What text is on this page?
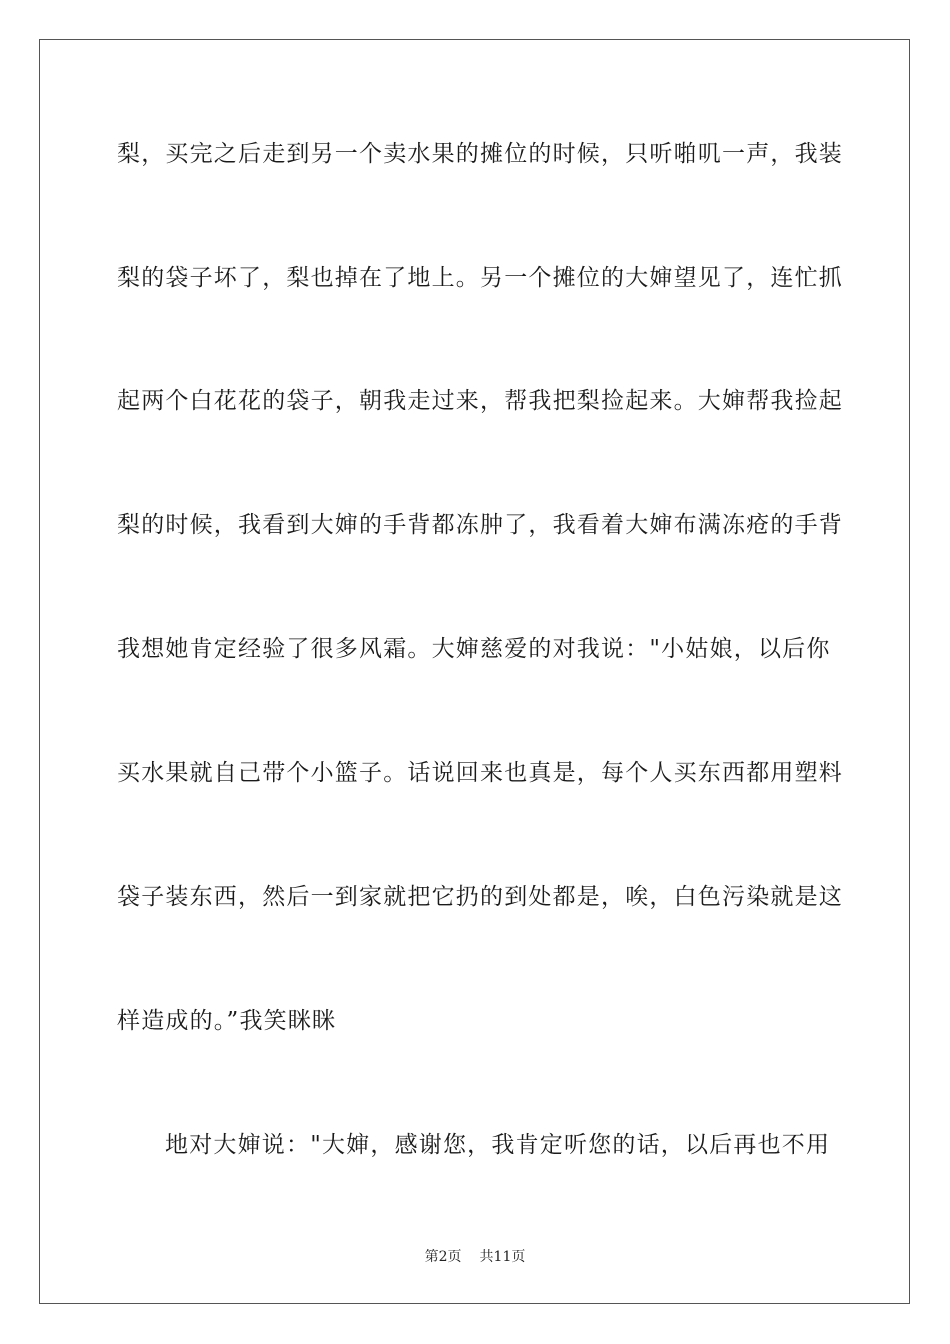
梨，买完之后走到另一个卖水果的摊位的时候，只听啪叽一声，我装
梨的袋子坏了，梨也掉在了地上。另一个摊位的大婶望见了，连忙抓
起两个白花花的袋子，朝我走过来，帮我把梨捡起来。大婶帮我捡起
梨的时候，我看到大婶的手背都冻肿了，我看着大婶布满冻疮的手背
我想她肯定经验了很多风霜。大婶慈爱的对我说："小姑娘，以后你
买水果就自己带个小篮子。话说回来也真是，每个人买东西都用塑料
袋子装东西，然后一到家就把它扔的到处都是，唉，白色污染就是这
样造成的。”我笑眯眯
地对大婶说："大婶，感谢您，我肯定听您的话，以后再也不用
第2页 共11页
